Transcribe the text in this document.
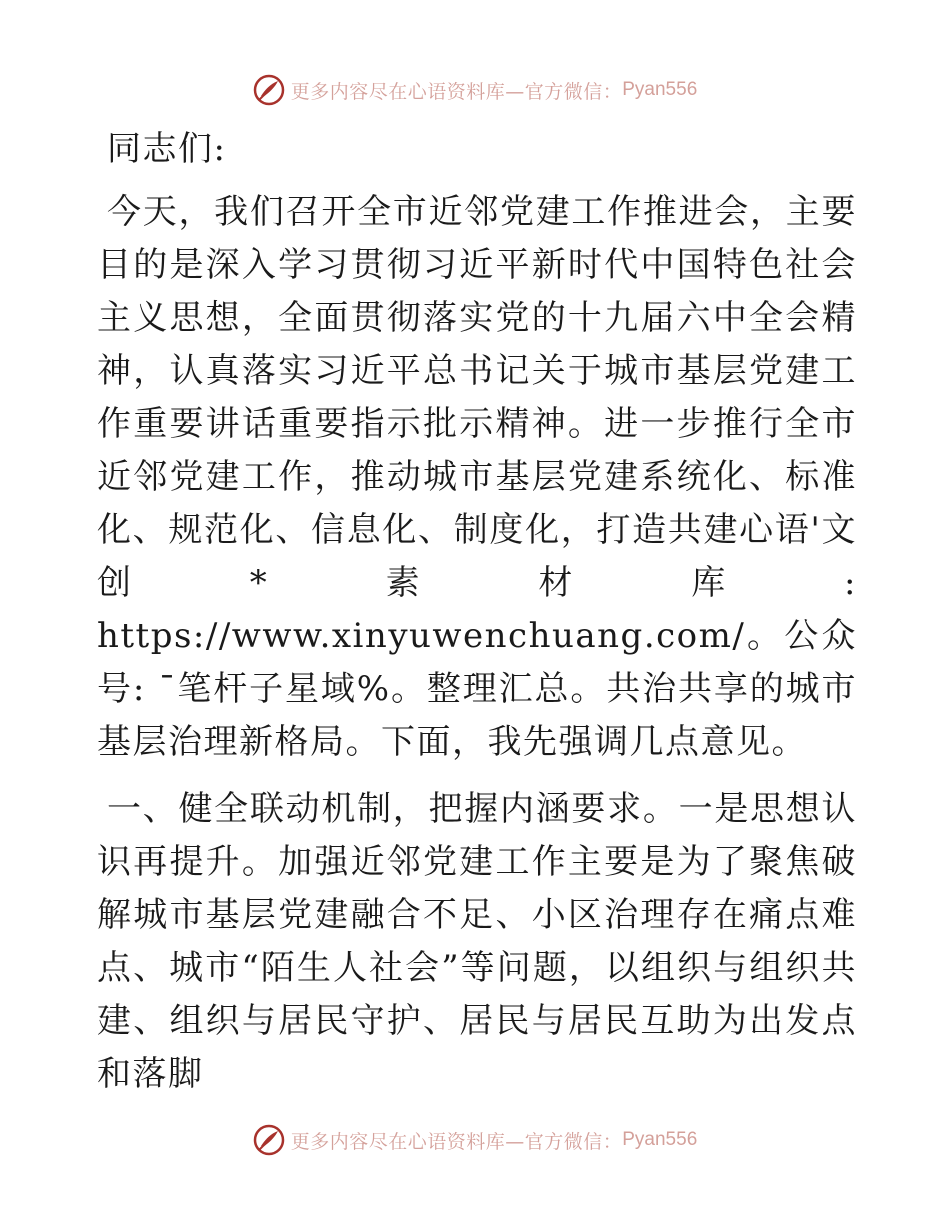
更多内容尽在心语资料库—官方微信： Pyan556

同志们:

今天，我们召开全市近邻党建工作推进会，主要目的是深入学习贯彻习近平新时代中国特色社会主义思想，全面贯彻落实党的十九届六中全会精神，认真落实习近平总书记关于城市基层党建工作重要讲话重要指示批示精神。进一步推行全市近邻党建工作，推动城市基层党建系统化、标准化、规范化、信息化、制度化，打造共建心语'文创*素材库: https://www.xinyuwenchuang.com/。公众号: ¯笔杆子星域%。整理汇总。共治共享的城市基层治理新格局。下面，我先强调几点意见。

一、健全联动机制，把握内涵要求。一是思想认识再提升。加强近邻党建工作主要是为了聚焦破解城市基层党建融合不足、小区治理存在痛点难点、城市“陌生人社会”等问题，以组织与组织共建、组织与居民守护、居民与居民互助为出发点和落脚

更多内容尽在心语资料库—官方微信： Pyan556
